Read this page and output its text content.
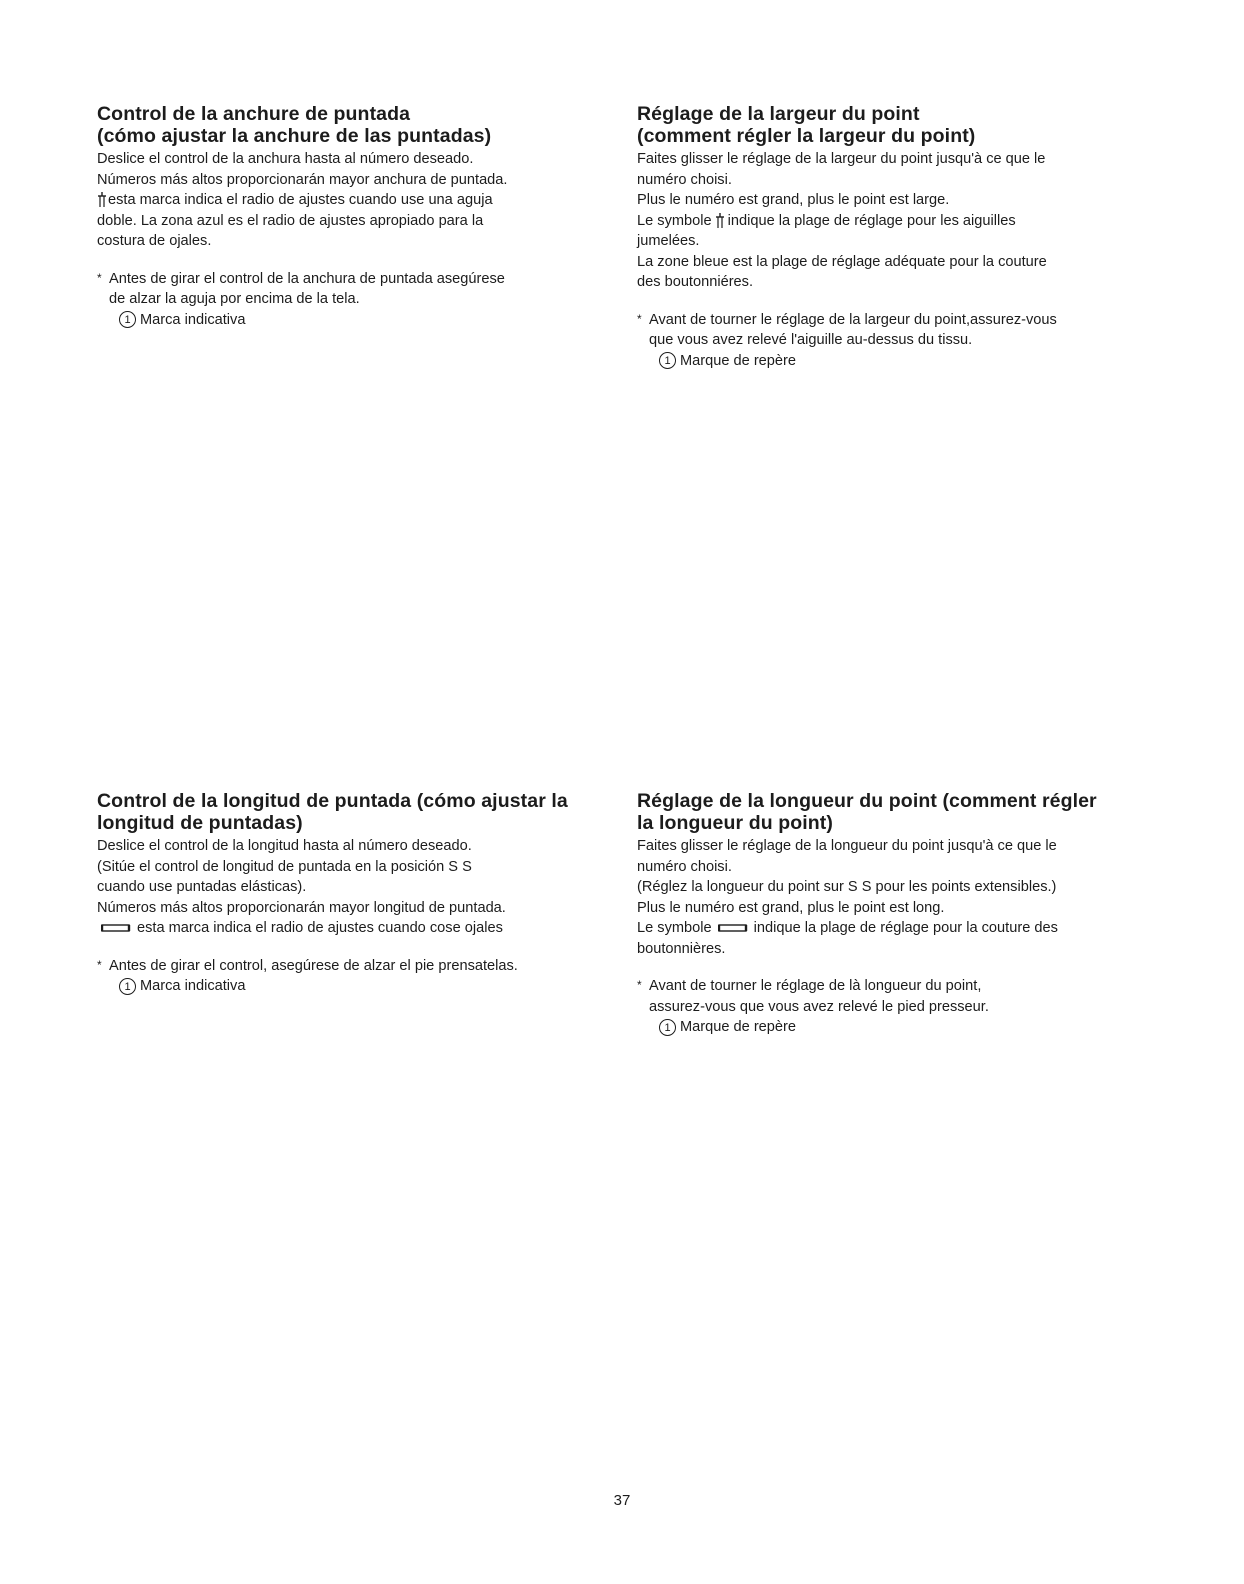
Control de la anchure de puntada
(cómo ajustar la anchure de las puntadas)
Deslice el control de la anchura hasta al número deseado.
Números más altos proporcionarán mayor anchura de puntada.
esta marca indica el radio de ajustes cuando use una aguja
doble. La zona azul es el radio de ajustes apropiado para la
costura de ojales.
* Antes de girar el control de la anchura de puntada asegúrese
de alzar la aguja por encima de la tela.
1 Marca indicativa
Réglage de la largeur du point
(comment régler la largeur du point)
Faites glisser le réglage de la largeur du point jusqu'à ce que le
numéro choisi.
Plus le numéro est grand, plus le point est large.
Le symbole indique la plage de réglage pour les aiguilles
jumelées.
La zone bleue est la plage de réglage adéquate pour la couture
des boutonniéres.
* Avant de tourner le réglage de la largeur du point,assurez-vous
que vous avez relevé l'aiguille au-dessus du tissu.
1 Marque de repère
Control de la longitud de puntada (cómo ajustar la
longitud de puntadas)
Deslice el control de la longitud hasta al número deseado.
(Sitúe el control de longitud de puntada en la posición S S
cuando use puntadas elásticas).
Números más altos proporcionarán mayor longitud de puntada.
esta marca indica el radio de ajustes cuando cose ojales
* Antes de girar el control, asegúrese de alzar el pie prensatelas.
1 Marca indicativa
Réglage de la longueur du point (comment régler
la longueur du point)
Faites glisser le réglage de la longueur du point jusqu'à ce que le
numéro choisi.
(Réglez la longueur du point sur S S pour les points extensibles.)
Plus le numéro est grand, plus le point est long.
Le symbole	indique la plage de réglage pour la couture des
boutonnières.
* Avant de tourner le réglage de là longueur du point,
assurez-vous que vous avez relevé le pied presseur.
1 Marque de repère
37
